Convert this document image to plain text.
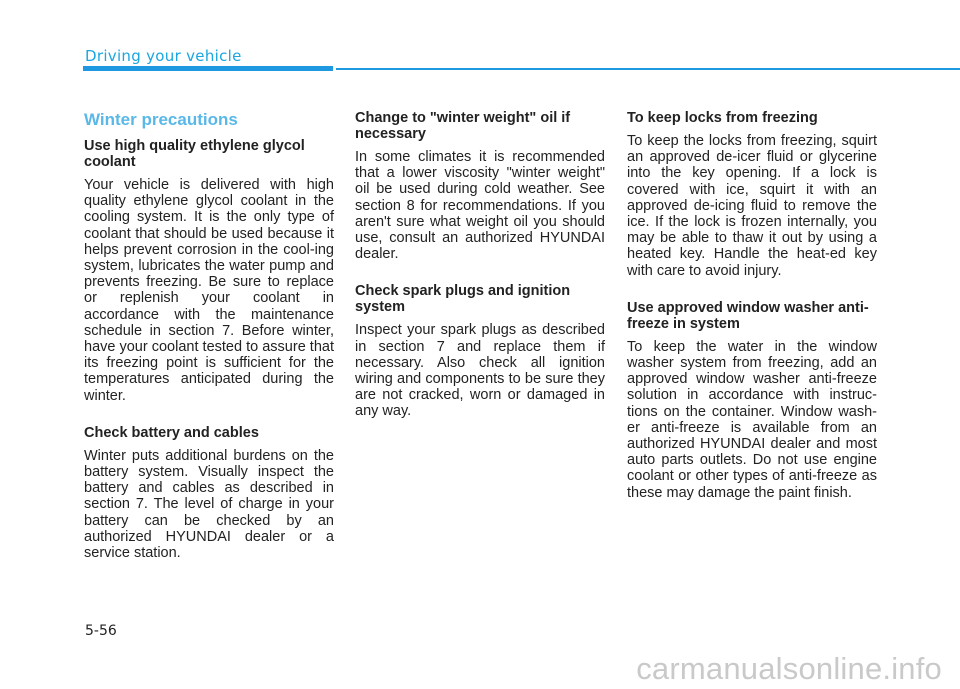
Driving your vehicle
Winter precautions
Use high quality ethylene glycol coolant
Your vehicle is delivered with high quality ethylene glycol coolant in the cooling system. It is the only type of coolant that should be used because it helps prevent corrosion in the cool-ing system, lubricates the water pump and prevents freezing. Be sure to replace or replenish your coolant in accordance with the maintenance schedule in section 7. Before winter, have your coolant tested to assure that its freezing point is sufficient for the temperatures anticipated during the winter.
Check battery and cables
Winter puts additional burdens on the battery system. Visually inspect the battery and cables as described in section 7. The level of charge in your battery can be checked by an authorized HYUNDAI dealer or a service station.
Change to "winter weight" oil if necessary
In some climates it is recommended that a lower viscosity "winter weight" oil be used during cold weather. See section 8 for recommendations. If you aren't sure what weight oil you should use, consult an authorized HYUNDAI dealer.
Check spark plugs and ignition system
Inspect your spark plugs as described in section 7 and replace them if necessary. Also check all ignition wiring and components to be sure they are not cracked, worn or damaged in any way.
To keep locks from freezing
To keep the locks from freezing, squirt an approved de-icer fluid or glycerine into the key opening. If a lock is covered with ice, squirt it with an approved de-icing fluid to remove the ice. If the lock is frozen internally, you may be able to thaw it out by using a heated key. Handle the heat-ed key with care to avoid injury.
Use approved window washer anti-freeze in system
To keep the water in the window washer system from freezing, add an approved window washer anti-freeze solution in accordance with instruc-tions on the container. Window wash-er anti-freeze is available from an authorized HYUNDAI dealer and most auto parts outlets. Do not use engine coolant or other types of anti-freeze as these may damage the paint finish.
5-56
carmanualsonline.info
